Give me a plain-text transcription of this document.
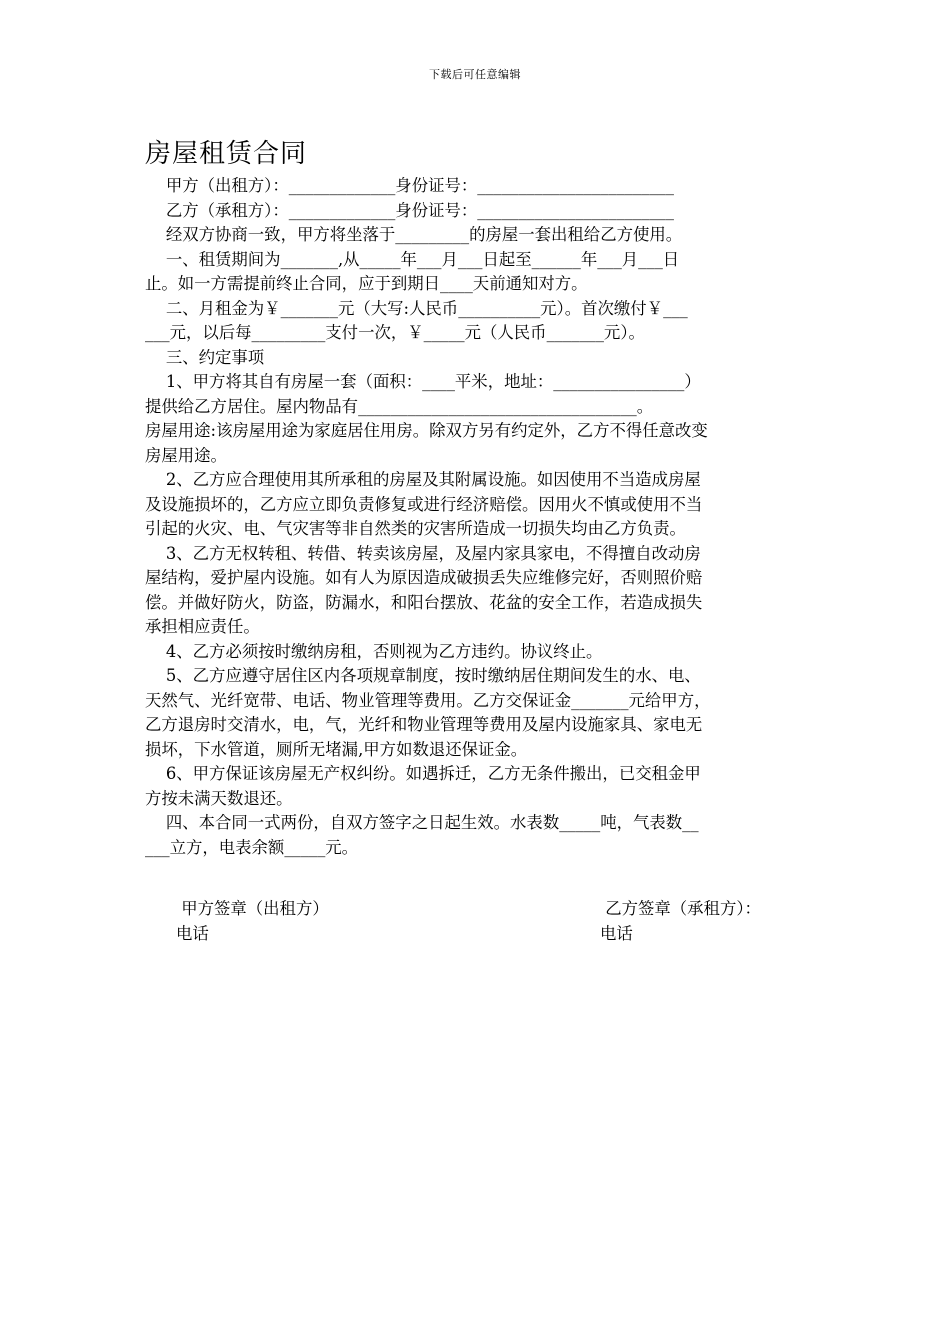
下载后可任意编辑
房屋租赁合同
甲方（出租方）：_____________身份证号：________________________
乙方（承租方）：_____________身份证号：________________________
经双方协商一致，甲方将坐落于_________的房屋一套出租给乙方使用。
一、租赁期间为_______,从_____年___月___日起至______年___月___日
止。如一方需提前终止合同，应于到期日____天前通知对方。
二、月租金为￥_______元（大写:人民币__________元）。首次缴付￥___
___元，以后每_________支付一次，￥_____元（人民币_______元）。
三、约定事项
1、甲方将其自有房屋一套（面积：____平米，地址：________________）
提供给乙方居住。屋内物品有__________________________________。
房屋用途:该房屋用途为家庭居住用房。除双方另有约定外，乙方不得任意改变
房屋用途。
2、乙方应合理使用其所承租的房屋及其附属设施。如因使用不当造成房屋
及设施损坏的，乙方应立即负责修复或进行经济赔偿。因用火不慎或使用不当
引起的火灾、电、气灾害等非自然类的灾害所造成一切损失均由乙方负责。
3、乙方无权转租、转借、转卖该房屋，及屋内家具家电，不得擅自改动房
屋结构，爱护屋内设施。如有人为原因造成破损丢失应维修完好，否则照价赔
偿。并做好防火，防盗，防漏水，和阳台摆放、花盆的安全工作，若造成损失
承担相应责任。
4、乙方必须按时缴纳房租，否则视为乙方违约。协议终止。
5、乙方应遵守居住区内各项规章制度，按时缴纳居住期间发生的水、电、
天然气、光纤宽带、电话、物业管理等费用。乙方交保证金_______元给甲方，
乙方退房时交清水，电，气，光纤和物业管理等费用及屋内设施家具、家电无
损坏，下水管道，厕所无堵漏,甲方如数退还保证金。
6、甲方保证该房屋无产权纠纷。如遇拆迁，乙方无条件搬出，已交租金甲
方按未满天数退还。
四、本合同一式两份，自双方签字之日起生效。水表数_____吨，气表数__
___立方，电表余额_____元。
甲方签章（出租方）
电话
乙方签章（承租方）：
电话
